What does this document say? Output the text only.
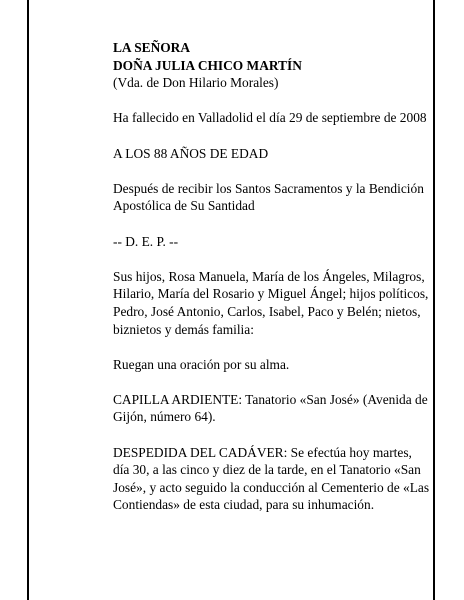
LA SEÑORA
DOÑA JULIA CHICO MARTÍN
(Vda. de Don Hilario Morales)

Ha fallecido en Valladolid el día 29 de septiembre de 2008

A LOS 88 AÑOS DE EDAD

Después de recibir los Santos Sacramentos y la Bendición Apostólica de Su Santidad

-- D. E. P. --

Sus hijos, Rosa Manuela, María de los Ángeles, Milagros, Hilario, María del Rosario y Miguel Ángel; hijos políticos, Pedro, José Antonio, Carlos, Isabel, Paco y Belén; nietos, biznietos y demás familia:

Ruegan una oración por su alma.

CAPILLA ARDIENTE: Tanatorio «San José» (Avenida de Gijón, número 64).

DESPEDIDA DEL CADÁVER: Se efectúa hoy martes, día 30, a las cinco y diez de la tarde, en el Tanatorio «San José», y acto seguido la conducción al Cementerio de «Las Contiendas» de esta ciudad, para su inhumación.
